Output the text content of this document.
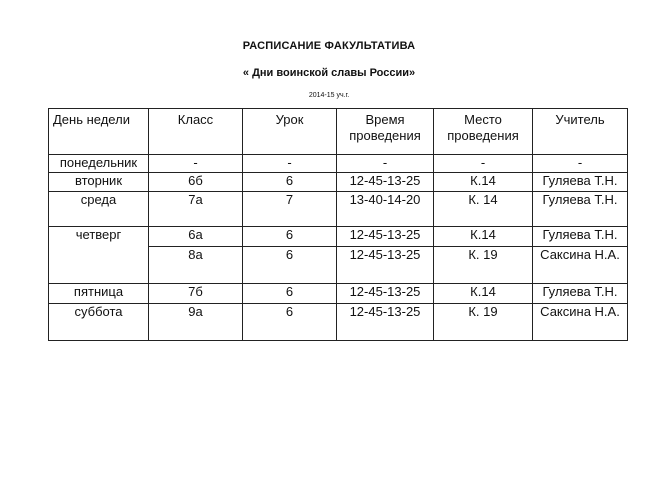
РАСПИСАНИЕ ФАКУЛЬТАТИВА
« Дни воинской славы России»
2014-15 уч.г.
День недели	Класс	Урок	Время проведения	Место проведения	Учитель
понедельник	-	-	-	-	-
вторник	6б	6	12-45-13-25	К.14	Гуляева Т.Н.
среда	7а	7	13-40-14-20	К. 14	Гуляева Т.Н.
четверг	6а	6	12-45-13-25	К.14	Гуляева Т.Н.
	8а	6	12-45-13-25	К. 19	Саксина Н.А.
пятница	7б	6	12-45-13-25	К.14	Гуляева Т.Н.
суббота	9а	6	12-45-13-25	К. 19	Саксина Н.А.
